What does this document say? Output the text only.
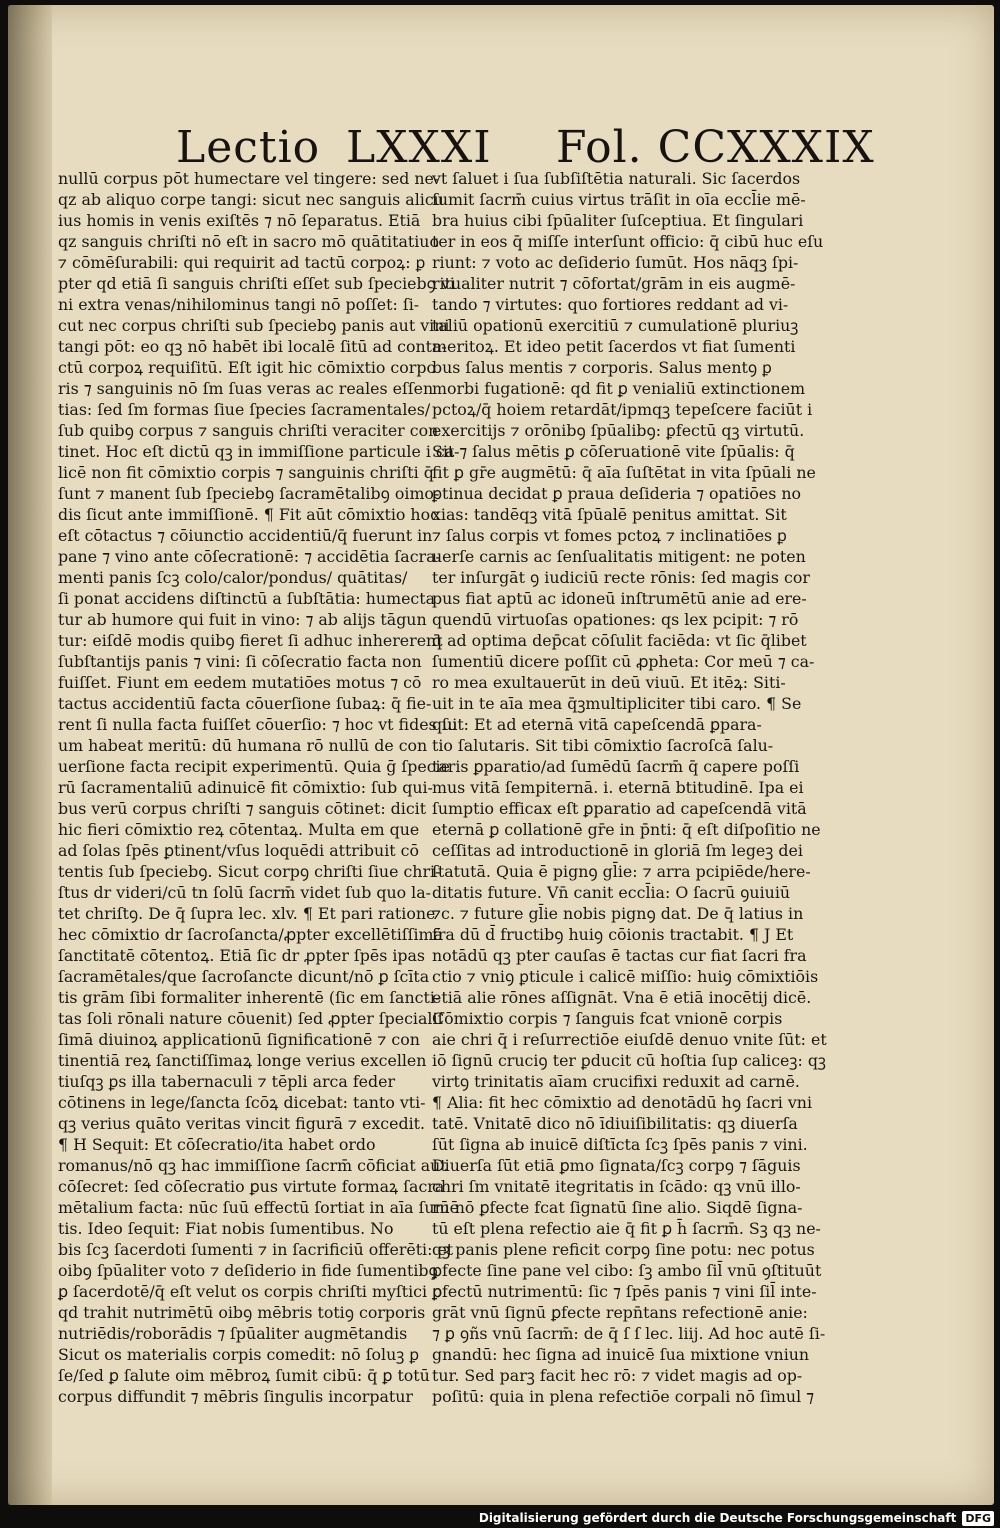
Lectio LXXXI Fol. CCXXXIX
nullū corpus pōt humectare vel tingere: sed ne-
qz ab aliquo corpe tangi: sicut nec sanguis alicu
ius homis in venis exiſtēs ⁊ nō ſeparatus. Etiā
qz sanguis chriſti nō eſt in sacro mō quātitatiuo
⁊ cōmēſurabili: qui requirit ad tactū corpoꝝ: ꝑ
pter qd etiā ſi sanguis chriſti eſſet sub ſpeciebꝯ vi
ni extra venas/nihilominus tangi nō poſſet: ſi-
cut nec corpus chriſti sub ſpeciebꝯ panis aut vini
tangi pōt: eo qꝫ nō habēt ibi localē ſitū ad conta-
ctū corpoꝝ requiſitū. Eſt igit hic cōmixtio corpo
ris ⁊ sanguinis nō ſm ſuas veras ac reales eſſen
tias: ſed ſm formas ſiue ſpecies ſacramentales/
ſub quibꝯ corpus ⁊ sanguis chriſti veraciter con
tinet. Hoc eſt dictū qꝫ in immiſſione particule i ca-
licē non fit cōmixtio corpis ⁊ sanguinis chriſti q̄
ſunt ⁊ manent ſub ſpeciebꝯ ſacramētalibꝯ oimo-
dis ſicut ante immiſſionē. ¶ Fit aūt cōmixtio hoc
eſt cōtactus ⁊ cōiunctio accidentiū/q̄ fuerunt in
pane ⁊ vino ante cōſecrationē: ⁊ accidētia ſacra-
menti panis ſcꝫ colo/calor/pondus/ quātitas/
ſi ponat accidens diſtinctū a ſubſtātia: humecta
tur ab humore qui fuit in vino: ⁊ ab alijs tāgun
tur: eiſdē modis quibꝯ fieret ſi adhuc inhererent
ſubſtantijs panis ⁊ vini: ſi cōſecratio facta non
fuiſſet. Fiunt em eedem mutatiōes motus ⁊ cō
tactus accidentiū facta cōuerſione ſubaꝝ: q̄ fie-
rent ſi nulla facta fuiſſet cōuerſio: ⁊ hoc vt fides ſu
um habeat meritū: dū humana rō nullū de con
uerſione facta recipit experimentū. Quia ḡ ſpecie
rū ſacramentaliū adinuicē fit cōmixtio: ſub qui-
bus verū corpus chriſti ⁊ sanguis cōtinet: dicit
hic fieri cōmixtio reꝝ cōtentaꝝ. Multa em que
ad ſolas ſpēs ꝑtinent/vſus loquēdi attribuit cō
tentis ſub ſpeciebꝯ. Sicut corpꝯ chriſti ſiue chri-
ſtus dr videri/cū tn ſolū ſacrm̄ videt ſub quo la-
tet chriſtꝯ. De q̄ ſupra lec. xlv. ¶ Et pari ratione
hec cōmixtio dr ſacroſancta/ꝓpter excellētiſſimā
ſanctitatē cōtentoꝝ. Etiā ſic dr ꝓpter ſpēs ipas
ſacramētales/que ſacroſancte dicunt/nō ꝑ ſcīta
tis grām ſibi formaliter inherentē (ſic em ſancti-
tas ſoli rōnali nature cōuenit) ſed ꝓpter ſpecialiſ
ſimā diuinoꝝ applicationū ſignificationē ⁊ con
tinentiā reꝝ ſanctiſſimaꝝ longe verius excellen
tiuſqꝫ ꝑs illa tabernaculi ⁊ tēpli arca feder
cōtinens in lege/ſancta ſcōꝝ dicebat: tanto vti-
qꝫ verius quāto veritas vincit figurā ⁊ excedit.
¶ H Sequit: Et cōſecratio/ita habet ordo
romanus/nō qꝫ hac immiſſione ſacrm̄ cōficiat aut
cōſecret: ſed cōſecratio ꝑus virtute formaꝝ ſacra
mētalium facta: nūc ſuū effectū ſortiat in aīa ſumē
tis. Ideo ſequit: Fiat nobis ſumentibus. No
bis ſcꝫ ſacerdoti ſumenti ⁊ in ſacrificiū offerēti: et
oibꝯ ſpūaliter voto ⁊ deſiderio in fide ſumentibꝯ
ꝑ ſacerdotē/q̄ eſt velut os corpis chriſti myſtici ꝑ
qd trahit nutrimētū oibꝯ mēbris totiꝯ corporis
nutriēdis/roborādis ⁊ ſpūaliter augmētandis
Sicut os materialis corpis comedit: nō ſoluꝫ ꝑ
ſe/ſed ꝑ ſalute oim mēbroꝝ ſumit cibū: q̄ ꝑ totū
corpus diffundit ⁊ mēbris ſingulis incorpatur
vt ſaluet i ſua ſubſiſtētia naturali. Sic ſacerdos
ſumit ſacrm̄ cuius virtus trāſit in oīa eccl̄ie mē-
bra huius cibi ſpūaliter ſuſceptiua. Et ſingulari
ter in eos q̄ miſſe interſunt officio: q̄ cibū huc eſu
riunt: ⁊ voto ac deſiderio ſumūt. Hos nāqꝫ ſpi-
ritualiter nutrit ⁊ cōfortat/grām in eis augmē-
tando ⁊ virtutes: quo fortiores reddant ad vi-
taliū opationū exercitiū ⁊ cumulationē pluriuꝫ
meritoꝝ. Et ideo petit ſacerdos vt fiat ſumenti
bus ſalus mentis ⁊ corporis. Salus mentꝯ ꝑ
morbi fugationē: qd fit ꝑ venialiū extinctionem
pctoꝝ/q̄ hoiem retardāt/ipmqꝫ tepeſcere faciūt i
exercitijs ⁊ orōnibꝯ ſpūalibꝯ: ꝑfectū qꝫ virtutū.
Sit ⁊ ſalus mētis ꝑ cōſeruationē vite ſpūalis: q̄
fit ꝑ gr̄e augmētū: q̄ aīa ſuſtētat in vita ſpūali ne
ꝑtinua decidat ꝑ praua deſideria ⁊ opatiōes no
xias: tandēqꝫ vitā ſpūalē penitus amittat. Sit
⁊ ſalus corpis vt fomes pctoꝝ ⁊ inclinatiōes ꝑ
uerſe carnis ac ſenſualitatis mitigent: ne poten
ter inſurgāt ꝯ iudiciū recte rōnis: ſed magis cor
pus fiat aptū ac idoneū inſtrumētū anie ad ere-
quendū virtuoſas opationes: qs lex pcipit: ⁊ rō
q̄ ad optima dep̄cat cōſulit faciēda: vt ſic q̄libet
ſumentiū dicere poſſit cū ꝓpheta: Cor meū ⁊ ca-
ro mea exultauerūt in deū viuū. Et itēꝝ: Siti-
uit in te aīa mea q̄ꝫmultipliciter tibi caro. ¶ Se
quit: Et ad eternā vitā capeſcendā ꝑpara-
tio ſalutaris. Sit tibi cōmixtio ſacroſcā ſalu-
taris ꝑparatio/ad ſumēdū ſacrm̄ q̄ capere poſſi
mus vitā ſempiternā. i. eternā btitudinē. Ipa ei
ſumptio efficax eſt ꝑparatio ad capeſcendā vitā
eternā ꝑ collationē gr̄e in p̄nti: q̄ eſt diſpoſitio ne
ceſſitas ad introductionē in gloriā ſm legeꝫ dei
ſtatutā. Quia ē pignꝯ gl̄ie: ⁊ arra pcipiēde/here-
ditatis future. Vn̄ canit eccl̄ia: O ſacrū ꝯuiuiū
⁊c. ⁊ future gl̄ie nobis pignꝯ dat. De q̄ latius in
fra dū d̄ fructibꝯ huiꝯ cōionis tractabit. ¶ J Et
notādū qꝫ pter cauſas ē tactas cur fiat ſacri fra
ctio ⁊ vniꝯ ꝑticule i calicē miſſio: huiꝯ cōmixtiōis
etiā alie rōnes aſſignāt. Vna ē etiā inocētij dicē.
Cōmixtio corpis ⁊ ſanguis fcat vnionē corpis
aie chri q̄ i reſurrectiōe eiuſdē denuo vnite ſūt: et
iō ſignū cruciꝯ ter ꝑducit cū hoſtia ſup caliceꝫ: qꝫ
virtꝯ trinitatis aīam crucifixi reduxit ad carnē.
¶ Alia: fit hec cōmixtio ad denotādū hꝯ ſacri vni
tatē. Vnitatē dico nō īdiuiſibilitatis: qꝫ diuerſa
ſūt ſigna ab inuicē diſtīcta ſcꝫ ſpēs panis ⁊ vini.
Diuerſa ſūt etiā ꝑmo ſignata/ſcꝫ corpꝯ ⁊ ſāguis
chri ſm vnitatē itegritatis in ſcādo: qꝫ vnū illo-
rū nō ꝑfecte fcat ſignatū ſine alio. Siqdē ſigna-
tū eſt plena refectio aie q̄ fit ꝑ h̄ ſacrm̄. Sꝫ qꝫ ne-
qꝫ panis plene reficit corpꝯ ſine potu: nec potus
ꝑfecte ſine pane vel cibo: ſꝫ ambo ſil̄ vnū ꝯſtituūt
ꝑfectū nutrimentū: ſic ⁊ ſpēs panis ⁊ vini ſil̄ inte-
grāt vnū ſignū ꝑfecte repn̄tans refectionē anie:
⁊ ꝑ ꝯñs vnū ſacrm̄: de q̄ ſ ſ lec. liij. Ad hoc autē ſi-
gnandū: hec ſigna ad inuicē ſua mixtione vniun
tur. Sed parꝫ facit hec rō: ⁊ videt magis ad op-
poſitū: quia in plena refectiōe corpali nō ſimul ⁊
Digitalisierung gefördert durch die Deutsche Forschungsgemeinschaft DFG
